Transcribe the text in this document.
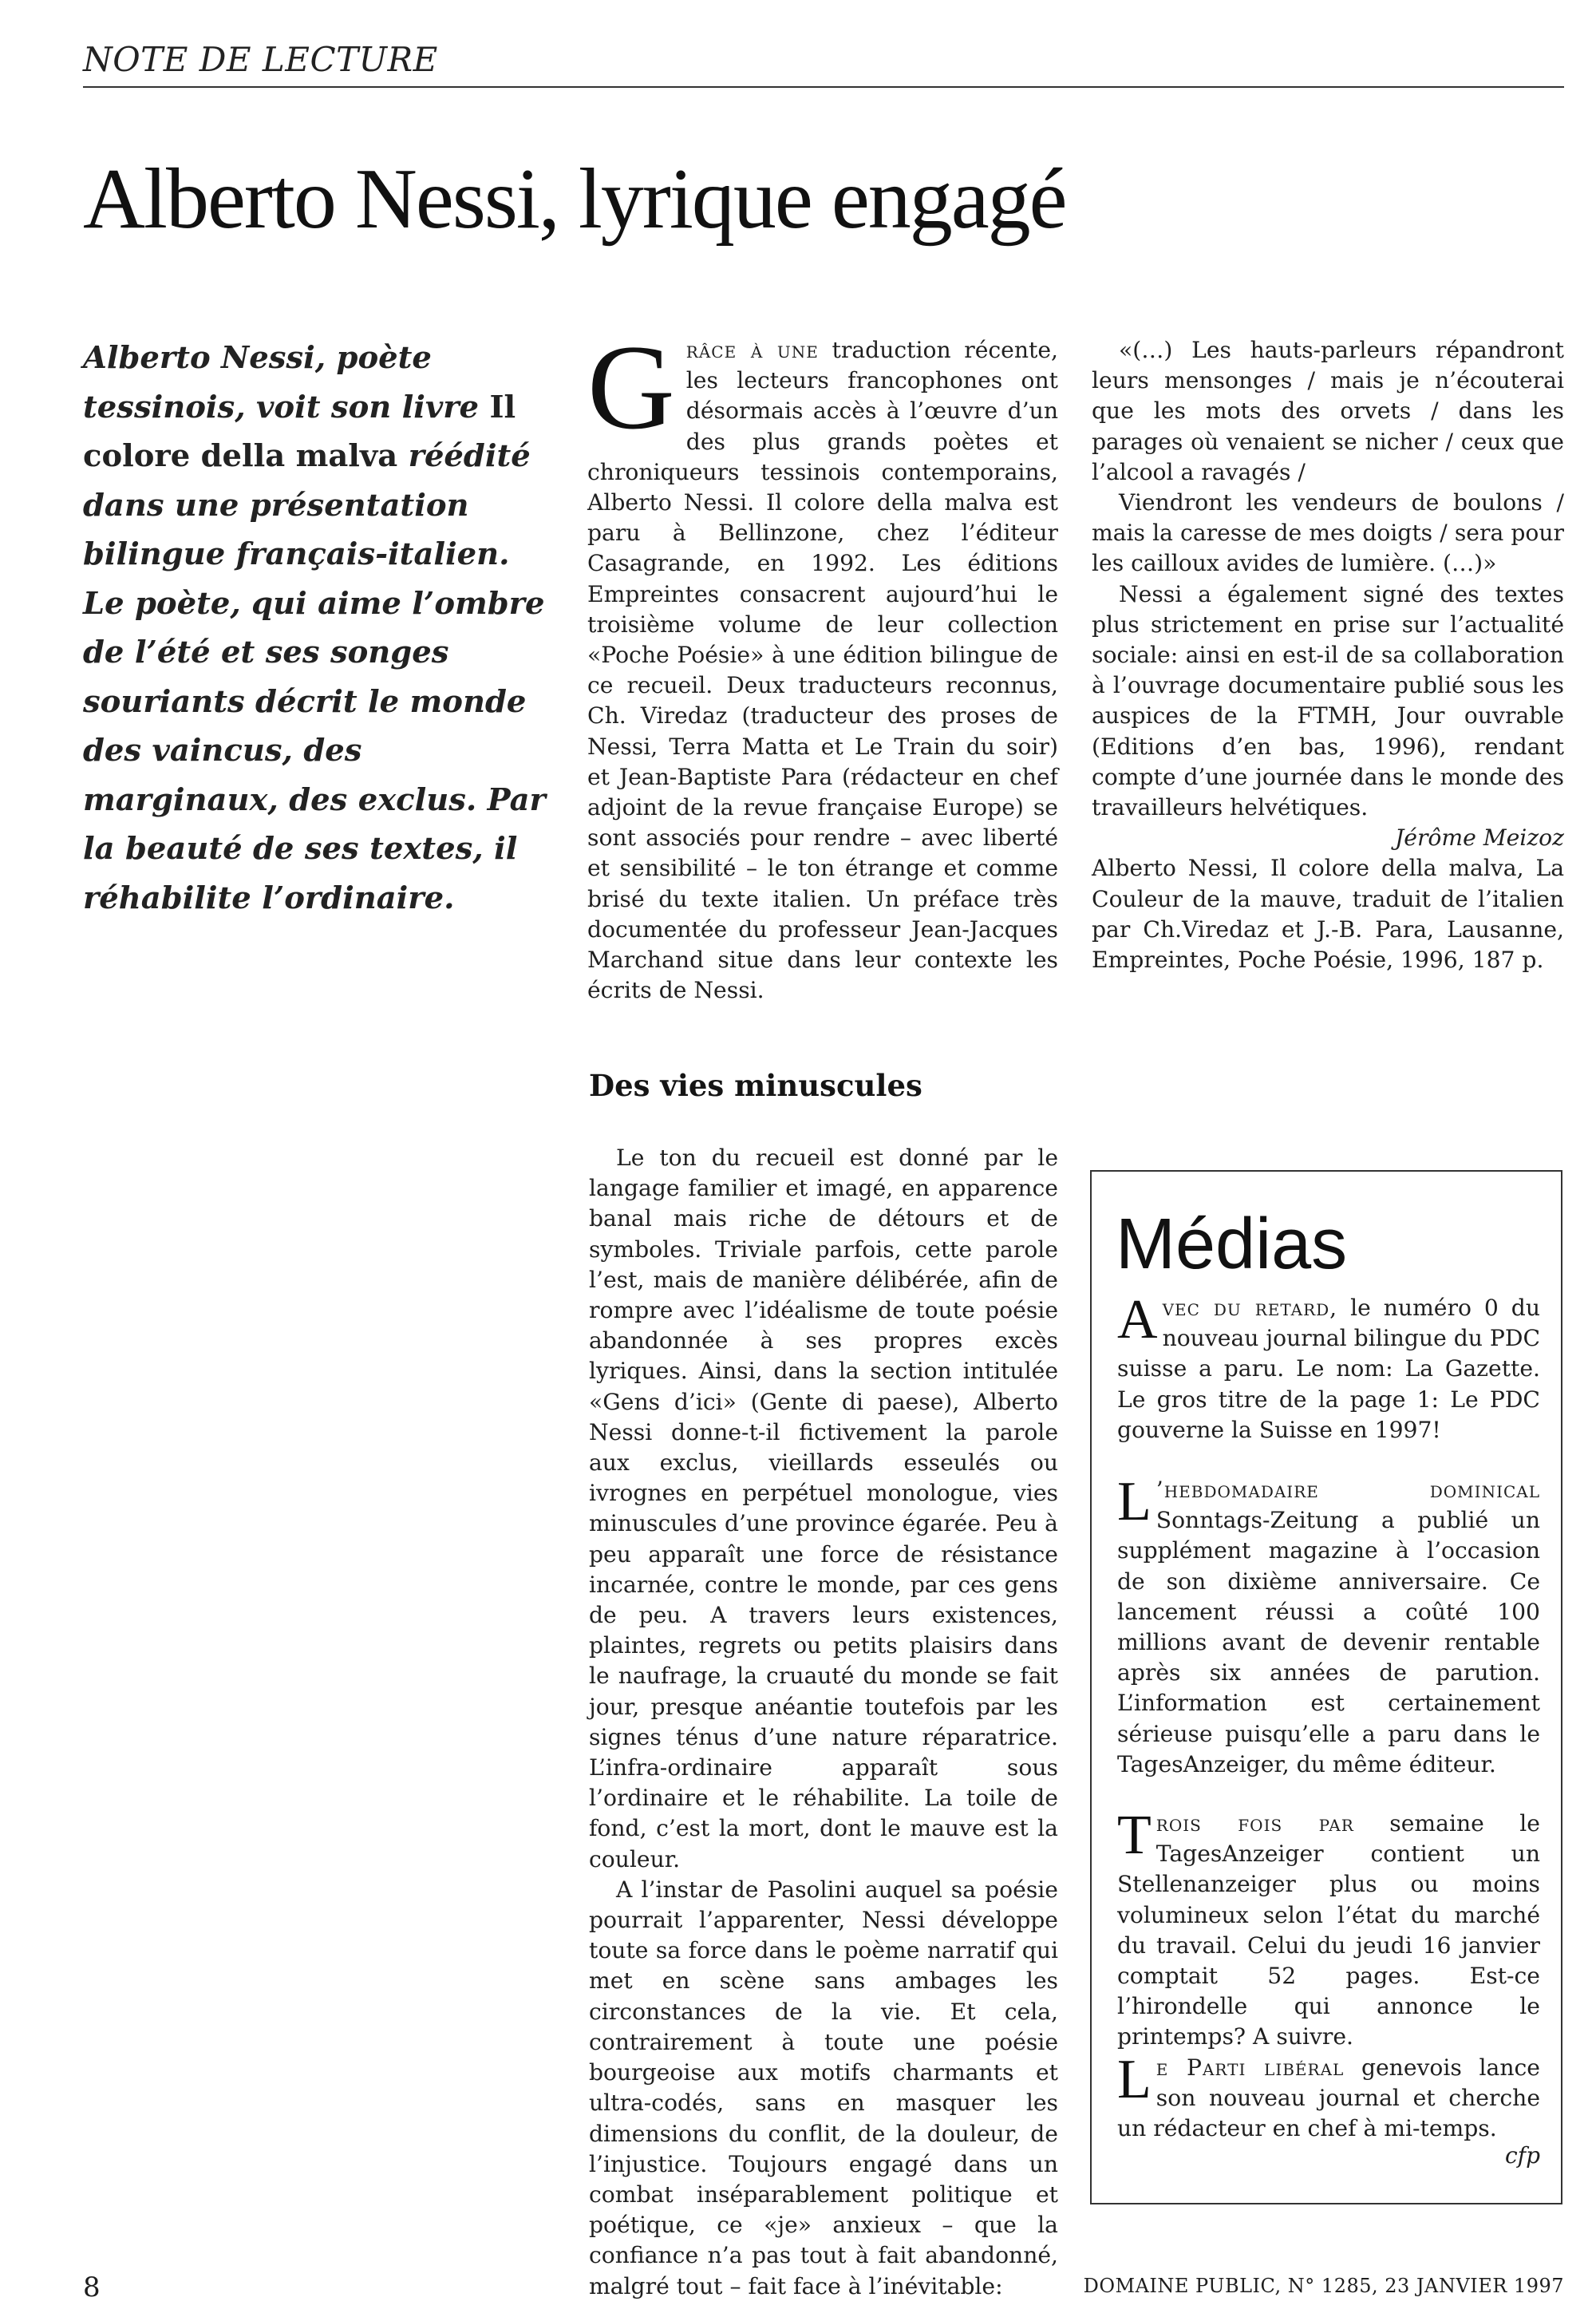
NOTE DE LECTURE
Alberto Nessi, lyrique engagé
Alberto Nessi, poète tessinois, voit son livre Il colore della malva réédité dans une présentation bilingue français-italien. Le poète, qui aime l’ombre de l’été et ses songes souriants décrit le monde des vaincus, des marginaux, des exclus. Par la beauté de ses textes, il réhabilite l’ordinaire.

Grâce à une traduction récente, les lecteurs francophones ont désormais accès à l’œuvre d’un des plus grands poètes et chroniqueurs tessinois contemporains, Alberto Nessi. Il colore della malva est paru à Bellinzone, chez l’éditeur Casagrande, en 1992. Les éditions Empreintes consacrent aujourd’hui le troisième volume de leur collection «Poche Poésie» à une édition bilingue de ce recueil. Deux traducteurs reconnus, Ch. Viredaz (traducteur des proses de Nessi, Terra Matta et Le Train du soir) et Jean-Baptiste Para (rédacteur en chef adjoint de la revue française Europe) se sont associés pour rendre – avec liberté et sensibilité – le ton étrange et comme brisé du texte italien. Un préface très documentée du professeur Jean-Jacques Marchand situe dans leur contexte les écrits de Nessi.

Des vies minuscules

Le ton du recueil est donné par le langage familier et imagé, en apparence banal mais riche de détours et de symboles. Triviale parfois, cette parole l’est, mais de manière délibérée, afin de rompre avec l’idéalisme de toute poésie abandonnée à ses propres excès lyriques. Ainsi, dans la section intitulée «Gens d’ici» (Gente di paese), Alberto Nessi donne-t-il fictivement la parole aux exclus, vieillards esseulés ou ivrognes en perpétuel monologue, vies minuscules d’une province égarée. Peu à peu apparaît une force de résistance incarnée, contre le monde, par ces gens de peu. A travers leurs existences, plaintes, regrets ou petits plaisirs dans le naufrage, la cruauté du monde se fait jour, presque anéantie toutefois par les signes ténus d’une nature réparatrice. L’infra-ordinaire apparaît sous l’ordinaire et le réhabilite. La toile de fond, c’est la mort, dont le mauve est la couleur.

A l’instar de Pasolini auquel sa poésie pourrait l’apparenter, Nessi développe toute sa force dans le poème narratif qui met en scène sans ambages les circonstances de la vie. Et cela, contrairement à toute une poésie bourgeoise aux motifs charmants et ultra-codés, sans en masquer les dimensions du conflit, de la douleur, de l’injustice. Toujours engagé dans un combat inséparablement politique et poétique, ce «je» anxieux – que la confiance n’a pas tout à fait abandonné, malgré tout – fait face à l’inévitable:

«(…) Les hauts-parleurs répandront leurs mensonges / mais je n’écouterai que les mots des orvets / dans les parages où venaient se nicher / ceux que l’alcool a ravagés /

Viendront les vendeurs de boulons / mais la caresse de mes doigts / sera pour les cailloux avides de lumière. (…)»

Nessi a également signé des textes plus strictement en prise sur l’actualité sociale: ainsi en est-il de sa collaboration à l’ouvrage documentaire publié sous les auspices de la FTMH, Jour ouvrable (Editions d’en bas, 1996), rendant compte d’une journée dans le monde des travailleurs helvétiques.

Jérôme Meizoz

Alberto Nessi, Il colore della malva, La Couleur de la mauve, traduit de l’italien par Ch.Viredaz et J.-B. Para, Lausanne, Empreintes, Poche Poésie, 1996, 187 p.

Médias
Avec du retard, le numéro 0 du nouveau journal bilingue du PDC suisse a paru. Le nom: La Gazette. Le gros titre de la page 1: Le PDC gouverne la Suisse en 1997!
L ’hebdomadaire dominical Sonntags-Zeitung a publié un supplément magazine à l’occasion de son dixième anniversaire. Ce lancement réussi a coûté 100 millions avant de devenir rentable après six années de parution. L’information est certainement sérieuse puisqu’elle a paru dans le TagesAnzeiger, du même éditeur.
Trois fois par semaine le TagesAnzeiger contient un Stellenanzeiger plus ou moins volumineux selon l’état du marché du travail. Celui du jeudi 16 janvier comptait 52 pages. Est-ce l’hirondelle qui annonce le printemps? A suivre.
Le Parti libéral genevois lance son nouveau journal et cherche un rédacteur en chef à mi-temps.
cfp
8	DOMAINE PUBLIC, N° 1285, 23 JANVIER 1997
